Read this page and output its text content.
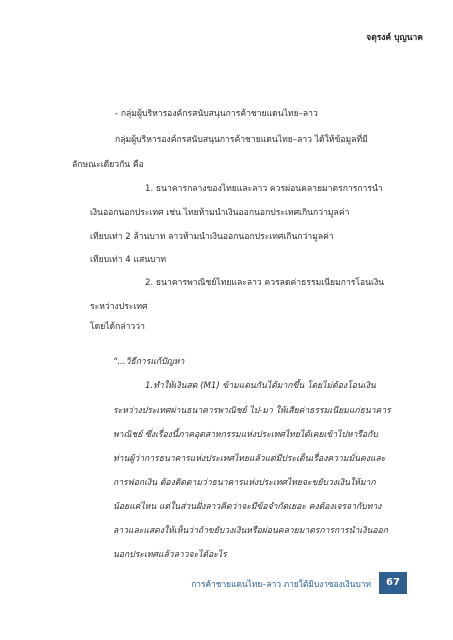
จตุรงค์ บุญนาค
- กลุ่มผู้บริหารองค์กรสนับสนุนการค้าชายแดนไทย–ลาว
กลุ่มผู้บริหารองค์กรสนับสนุนการค้าชายแดนไทย–ลาว ได้ให้ข้อมูลที่มี
ลักษณะเดียวกัน คือ
1. ธนาคารกลางของไทยและลาว ควรผ่อนคลายมาตรการการนำ
เงินออกนอกประเทศ เช่น ไทยห้ามนำเงินออกนอกประเทศเกินกว่ามูลค่า
เทียบเท่า 2 ล้านบาท ลาวห้ามนำเงินออกนอกประเทศเกินกว่ามูลค่า
เทียบเท่า 4 แสนบาท
2. ธนาคารพาณิชย์ไทยและลาว ควรลดค่าธรรมเนียมการโอนเงิน
ระหว่างประเทศ
โดยได้กล่าวว่า
“...วิธีการแก้ปัญหา
1.ทำให้เงินสด (M1) ข้ามแดนกันได้มากขึ้น โดยไม่ต้องโอนเงิน
ระหว่างประเทศผ่านธนาคารพาณิชย์ ไป-มา ให้เสียค่าธรรมเนียมแก่ธนาคาร
พาณิชย์ ซึ่งเรื่องนี้ภาคอุตสาหกรรมแห่งประเทศไทยได้เคยเข้าไปหารือกับ
ท่านผู้ว่าการธนาคารแห่งประเทศไทยแล้วแต่มีประเด็นเรื่องความมั่นคงและ
การฟอกเงิน ต้องติดตามว่าธนาคารแห่งประเทศไทยจะขยับวงเงินให้มาก
น้อยแค่ไหน แต่ในส่วนฝั่งลาวคิดว่าจะมีข้อจำกัดเยอะ คงต้องเจรจากับทาง
ลาวและแสดงให้เห็นว่าถ้าขยับวงเงินหรือผ่อนคลายมาตรการการนำเงินออก
นอกประเทศแล้วลาวจะได้อะไร
การค้าชายแดนไทย–ลาว ภายใต้มิบงาซองเงินบาท	67
